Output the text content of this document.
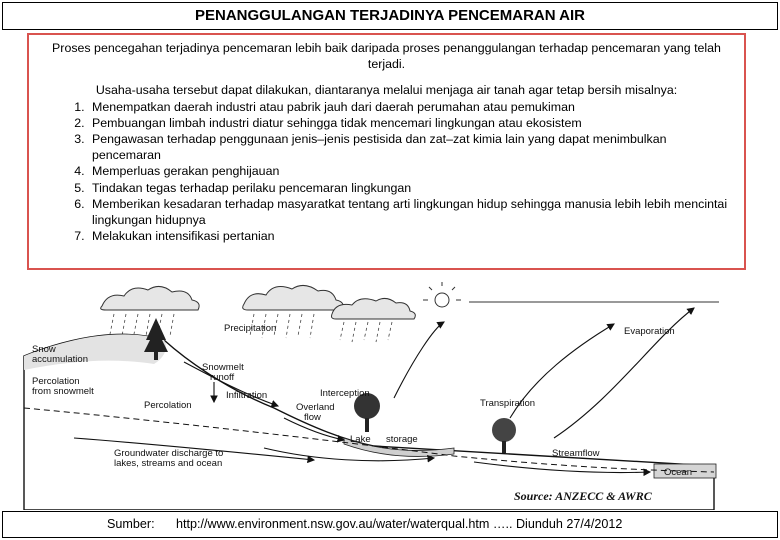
PENANGGULANGAN TERJADINYA PENCEMARAN AIR

Proses pencegahan terjadinya pencemaran lebih baik daripada proses penanggulangan terhadap pencemaran yang telah terjadi.

Usaha-usaha tersebut dapat dilakukan, diantaranya melalui menjaga air tanah agar tetap bersih misalnya:

1. Menempatkan daerah industri atau pabrik jauh dari daerah perumahan atau pemukiman
2. Pembuangan limbah industri diatur sehingga tidak mencemari lingkungan atau ekosistem
3. Pengawasan terhadap penggunaan jenis–jenis pestisida dan zat–zat kimia lain yang dapat menimbulkan pencemaran
4. Memperluas gerakan penghijauan
5. Tindakan tegas terhadap perilaku pencemaran lingkungan
6. Memberikan kesadaran terhadap masyaratkat tentang arti lingkungan hidup sehingga manusia lebih lebih mencintai lingkungan hidupnya
7. Melakukan intensifikasi pertanian
Precipitation	Evaporation
Snow
accumulation
Snowmelt
runoff
Percolation
from snowmelt	Infiltration	Interception
Percolation	Overland
flow
Transpiration
Lake storage
Groundwater discharge to
lakes, streams and ocean
Streamflow
Ocean
Source: ANZECC & AWRC
Sumber: http://www.environment.nsw.gov.au/water/waterqual.htm ….. Diunduh 27/4/2012
